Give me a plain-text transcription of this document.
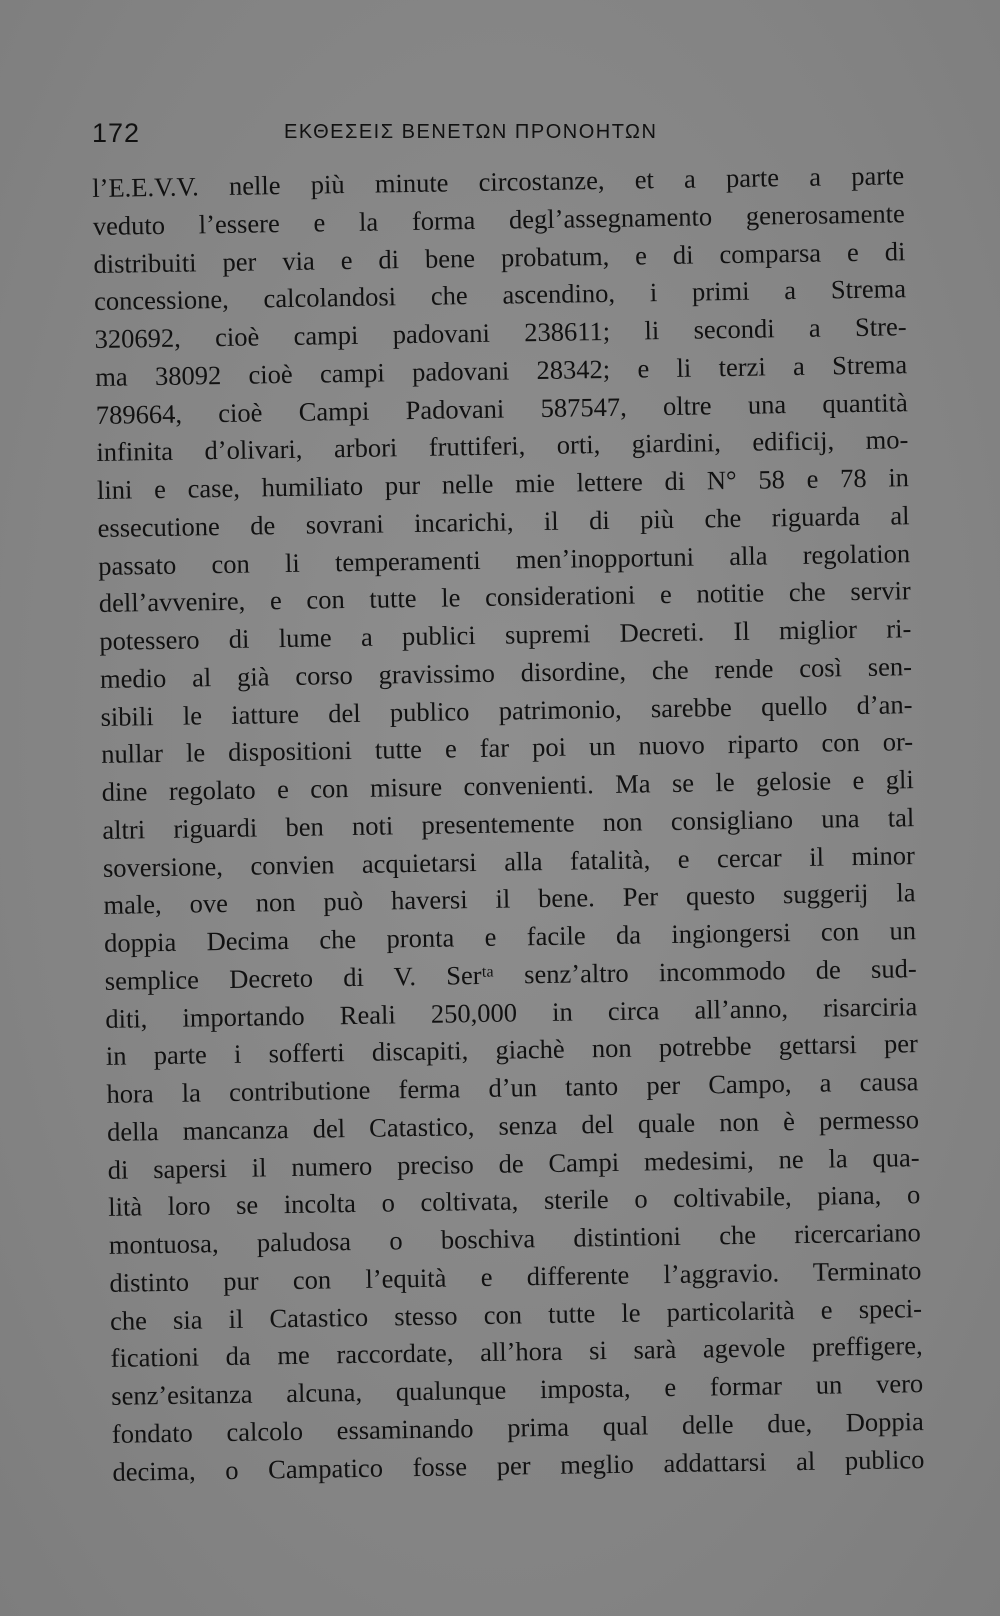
172	ΕΚΘΕΣΕΙΣ ΒΕΝΕΤΩΝ ΠΡΟΝΟΗΤΩΝ
l’E.E.V.V. nelle più minute circostanze, et a parte a parte
veduto l’essere e la forma degl’assegnamento generosamente
distribuiti per via e di bene probatum, e di comparsa e di
concessione, calcolandosi che ascendino, i primi a Strema
320692, cioè campi padovani 238611; li secondi a Stre-
ma 38092 cioè campi padovani 28342; e li terzi a Strema
789664, cioè Campi Padovani 587547, oltre una quantità
infinita d’olivari, arbori fruttiferi, orti, giardini, edificij, mo-
lini e case, humiliato pur nelle mie lettere di N° 58 e 78 in
essecutione de sovrani incarichi, il di più che riguarda al
passato con li temperamenti men’inopportuni alla regolation
dell’avvenire, e con tutte le considerationi e notitie che servir
potessero di lume a publici supremi Decreti. Il miglior ri-
medio al già corso gravissimo disordine, che rende così sen-
sibili le iatture del publico patrimonio, sarebbe quello d’an-
nullar le dispositioni tutte e far poi un nuovo riparto con or-
dine regolato e con misure convenienti. Ma se le gelosie e gli
altri riguardi ben noti presentemente non consigliano una tal
soversione, convien acquietarsi alla fatalità, e cercar il minor
male, ove non può haversi il bene. Per questo suggerij la
doppia Decima che pronta e facile da ingiongersi con un
semplice Decreto di V. Serᵗᵃ senz’altro incommodo de sud-
diti, importando Reali 250,000 in circa all’anno, risarciria
in parte i sofferti discapiti, giachè non potrebbe gettarsi per
hora la contributione ferma d’un tanto per Campo, a causa
della mancanza del Catastico, senza del quale non è permesso
di sapersi il numero preciso de Campi medesimi, ne la qua-
lità loro se incolta o coltivata, sterile o coltivabile, piana, o
montuosa, paludosa o boschiva distintioni che ricercariano
distinto pur con l’equità e differente l’aggravio. Terminato
che sia il Catastico stesso con tutte le particolarità e speci-
ficationi da me raccordate, all’hora si sarà agevole preffigere,
senz’esitanza alcuna, qualunque imposta, e formar un vero
fondato calcolo essaminando prima qual delle due, Doppia
decima, o Campatico fosse per meglio addattarsi al publico
